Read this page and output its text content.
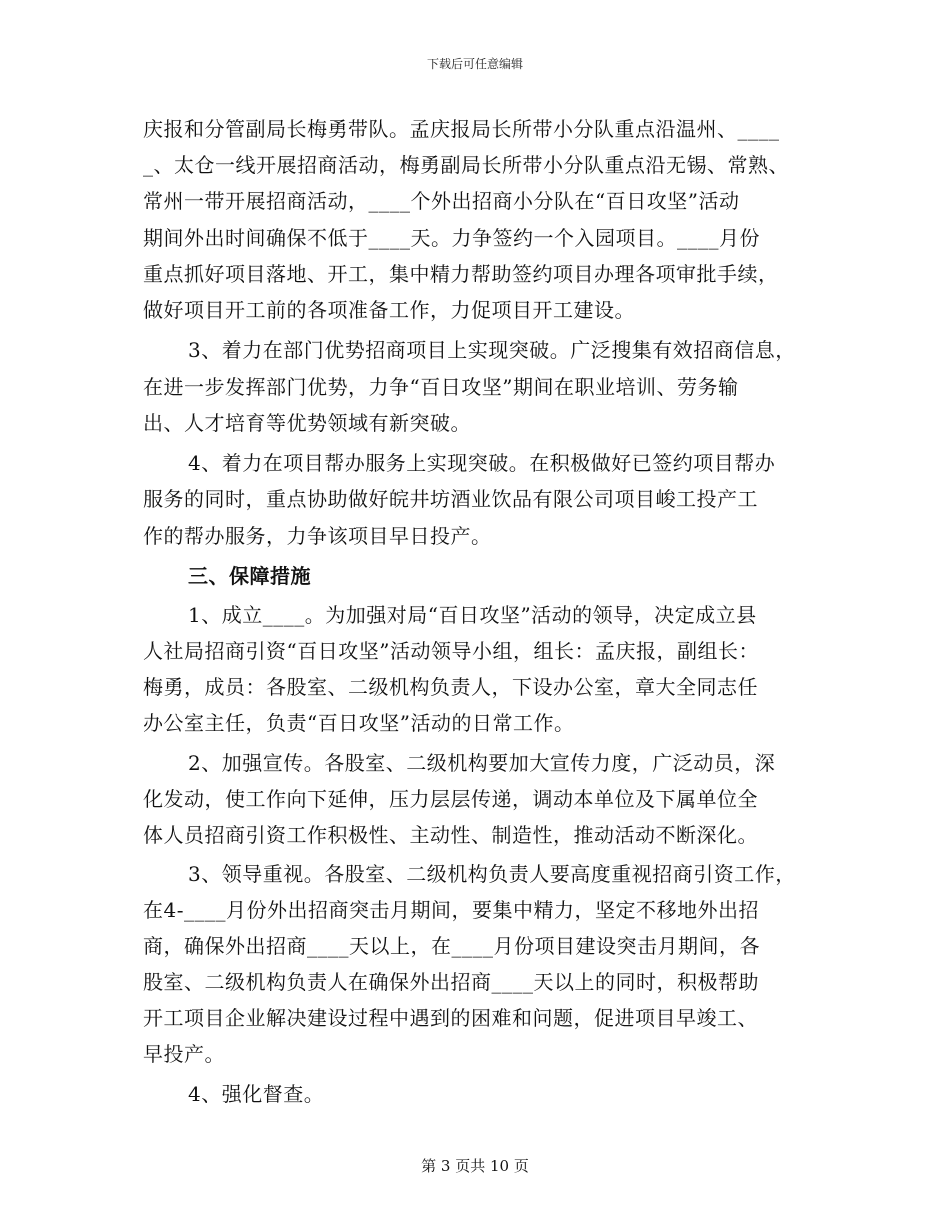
下载后可任意编辑
庆报和分管副局长梅勇带队。孟庆报局长所带小分队重点沿温州、____
_、太仓一线开展招商活动，梅勇副局长所带小分队重点沿无锡、常熟、
常州一带开展招商活动，____个外出招商小分队在“百日攻坚”活动
期间外出时间确保不低于____天。力争签约一个入园项目。____月份
重点抓好项目落地、开工，集中精力帮助签约项目办理各项审批手续，
做好项目开工前的各项准备工作，力促项目开工建设。
3、着力在部门优势招商项目上实现突破。广泛搜集有效招商信息，
在进一步发挥部门优势，力争“百日攻坚”期间在职业培训、劳务输
出、人才培育等优势领域有新突破。
4、着力在项目帮办服务上实现突破。在积极做好已签约项目帮办
服务的同时，重点协助做好皖井坊酒业饮品有限公司项目峻工投产工
作的帮办服务，力争该项目早日投产。
三、保障措施
1、成立____。为加强对局“百日攻坚”活动的领导，决定成立县
人社局招商引资“百日攻坚”活动领导小组，组长：孟庆报，副组长：
梅勇，成员：各股室、二级机构负责人，下设办公室，章大全同志任
办公室主任，负责“百日攻坚”活动的日常工作。
2、加强宣传。各股室、二级机构要加大宣传力度，广泛动员，深
化发动，使工作向下延伸，压力层层传递，调动本单位及下属单位全
体人员招商引资工作积极性、主动性、制造性，推动活动不断深化。
3、领导重视。各股室、二级机构负责人要高度重视招商引资工作，
在4-____月份外出招商突击月期间，要集中精力，坚定不移地外出招
商，确保外出招商____天以上，在____月份项目建设突击月期间，各
股室、二级机构负责人在确保外出招商____天以上的同时，积极帮助
开工项目企业解决建设过程中遇到的困难和问题，促进项目早竣工、
早投产。
4、强化督查。
第 3 页共 10 页
